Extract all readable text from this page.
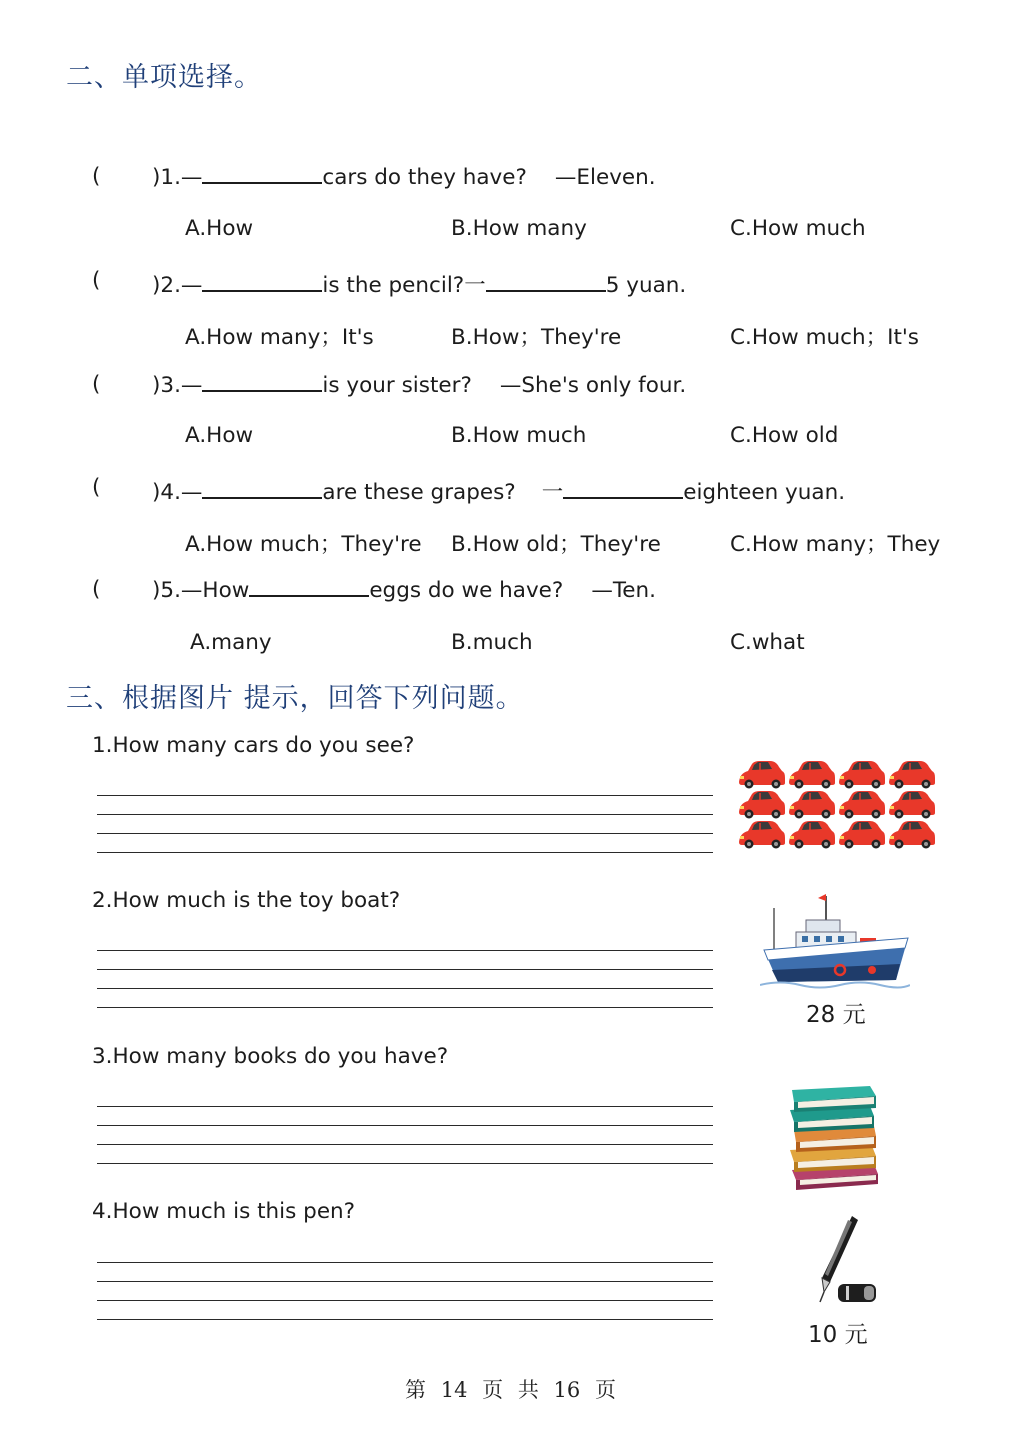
二、单项选择。
( )1.—	cars do they have? —Eleven.
A.How	B.How many	C.How much
( )2.—	is the pencil?一	5 yuan.
A.How many；It's	B.How；They're	C.How much；It's
( )3.—	is your sister? —She's only four.
A.How	B.How much	C.How old
( )4.—	are these grapes? 一	eighteen yuan.
A.How much；They're B.How old；They're	C.How many；They
( )5.—How	eggs do we have? —Ten.
A.many	B.much	C.what
三、根据图片 提示，回答下列问题。
1.How many cars do you see?
2.How much is the toy boat?
28 元
3.How many books do you have?
4.How much is this pen?
10 元
第 14 页 共 16 页
